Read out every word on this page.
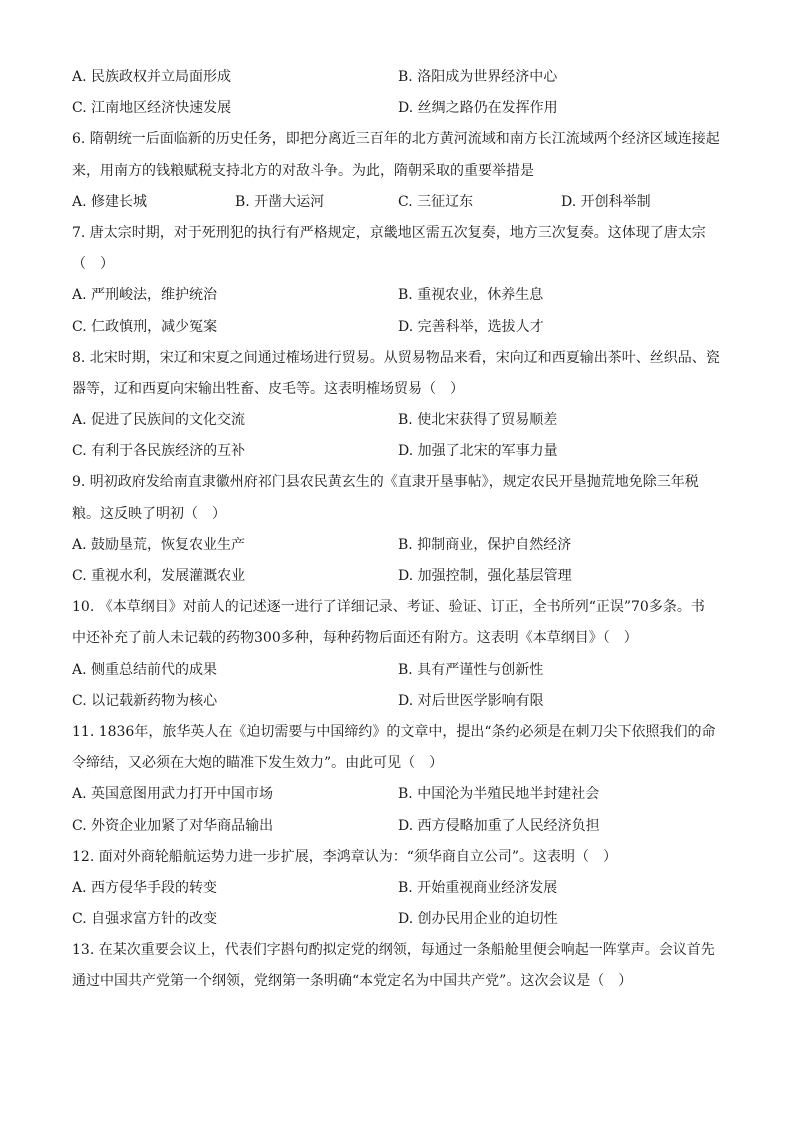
A. 民族政权并立局面形成	B. 洛阳成为世界经济中心
C. 江南地区经济快速发展	D. 丝绸之路仍在发挥作用
6. 隋朝统一后面临新的历史任务，即把分离近三百年的北方黄河流域和南方长江流域两个经济区域连接起
来，用南方的钱粮赋税支持北方的对敌斗争。为此，隋朝采取的重要举措是
A. 修建长城	B. 开凿大运河	C. 三征辽东	D. 开创科举制
7. 唐太宗时期，对于死刑犯的执行有严格规定，京畿地区需五次复奏，地方三次复奏。这体现了唐太宗
（　）
A. 严刑峻法，维护统治	B. 重视农业，休养生息
C. 仁政慎刑，减少冤案	D. 完善科举，选拔人才
8. 北宋时期，宋辽和宋夏之间通过榷场进行贸易。从贸易物品来看，宋向辽和西夏输出茶叶、丝织品、瓷
器等，辽和西夏向宋输出牲畜、皮毛等。这表明榷场贸易（　）
A. 促进了民族间的文化交流	B. 使北宋获得了贸易顺差
C. 有利于各民族经济的互补	D. 加强了北宋的军事力量
9. 明初政府发给南直隶徽州府祁门县农民黄玄生的《直隶开垦事帖》，规定农民开垦抛荒地免除三年税
粮。这反映了明初（　）
A. 鼓励垦荒，恢复农业生产	B. 抑制商业，保护自然经济
C. 重视水利，发展灌溉农业	D. 加强控制，强化基层管理
10. 《本草纲目》对前人的记述逐一进行了详细记录、考证、验证、订正，全书所列“正误”70多条。书
中还补充了前人未记载的药物300多种，每种药物后面还有附方。这表明《本草纲目》（　）
A. 侧重总结前代的成果	B. 具有严谨性与创新性
C. 以记载新药物为核心	D. 对后世医学影响有限
11. 1836年，旅华英人在《迫切需要与中国缔约》的文章中，提出“条约必须是在刺刀尖下依照我们的命
令缔结，又必须在大炮的瞄准下发生效力”。由此可见（　）
A. 英国意图用武力打开中国市场	B. 中国沦为半殖民地半封建社会
C. 外资企业加紧了对华商品输出	D. 西方侵略加重了人民经济负担
12. 面对外商轮船航运势力进一步扩展，李鸿章认为：“须华商自立公司”。这表明（　）
A. 西方侵华手段的转变	B. 开始重视商业经济发展
C. 自强求富方针的改变	D. 创办民用企业的迫切性
13. 在某次重要会议上，代表们字斟句酌拟定党的纲领，每通过一条船舱里便会响起一阵掌声。会议首先
通过中国共产党第一个纲领，党纲第一条明确“本党定名为中国共产党”。这次会议是（　）
